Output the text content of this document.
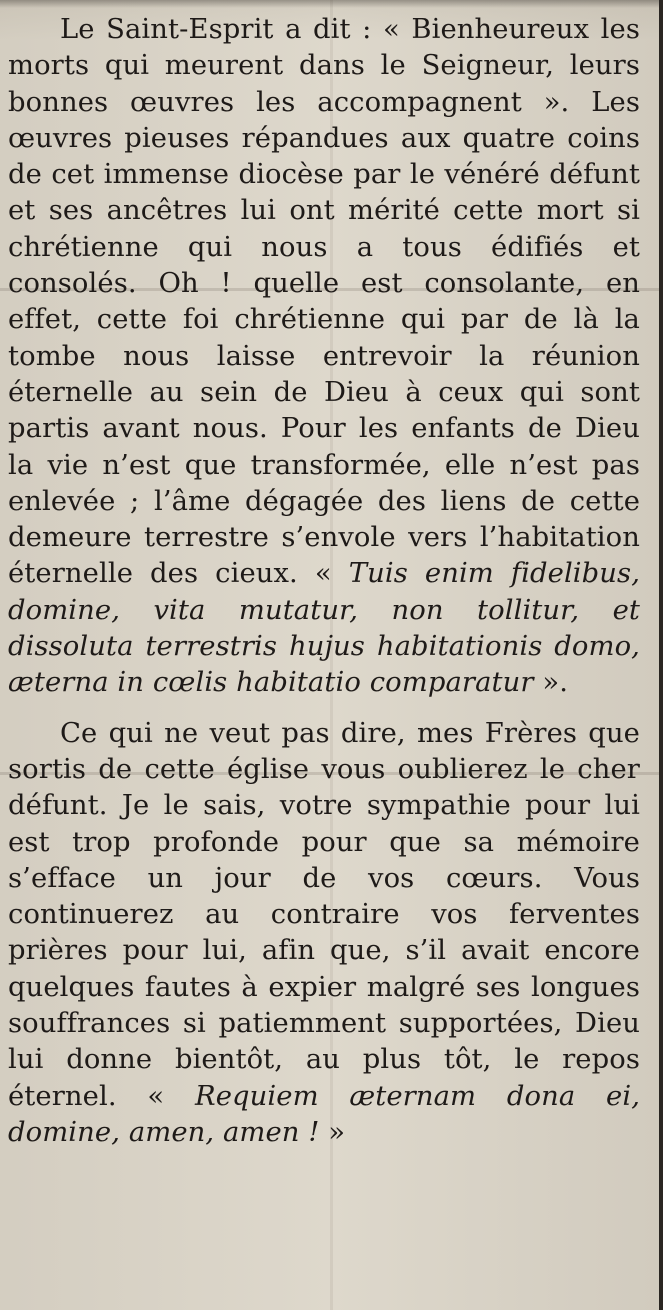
Le Saint-Esprit a dit : « Bienheureux les morts qui meurent dans le Seigneur, leurs bonnes œuvres les accompagnent ». Les œuvres pieuses répandues aux quatre coins de cet immense diocèse par le vénéré défunt et ses ancêtres lui ont mérité cette mort si chrétienne qui nous a tous édifiés et consolés. Oh ! quelle est consolante, en effet, cette foi chrétienne qui par de là la tombe nous laisse entrevoir la réunion éternelle au sein de Dieu à ceux qui sont partis avant nous. Pour les enfants de Dieu la vie n’est que transformée, elle n’est pas enlevée ; l’âme dégagée des liens de cette demeure terrestre s’envole vers l’habitation éternelle des cieux. « Tuis enim fidelibus, domine, vita mutatur, non tollitur, et dissoluta terrestris hujus habitationis domo, æterna in cœlis habitatio comparatur ».

Ce qui ne veut pas dire, mes Frères que sortis de cette église vous oublierez le cher défunt. Je le sais, votre sympathie pour lui est trop profonde pour que sa mémoire s’efface un jour de vos cœurs. Vous continuerez au contraire vos ferventes prières pour lui, afin que, s’il avait encore quelques fautes à expier malgré ses longues souffrances si patiemment supportées, Dieu lui donne bientôt, au plus tôt, le repos éternel. « Requiem æternam dona ei, domine, amen, amen ! »
